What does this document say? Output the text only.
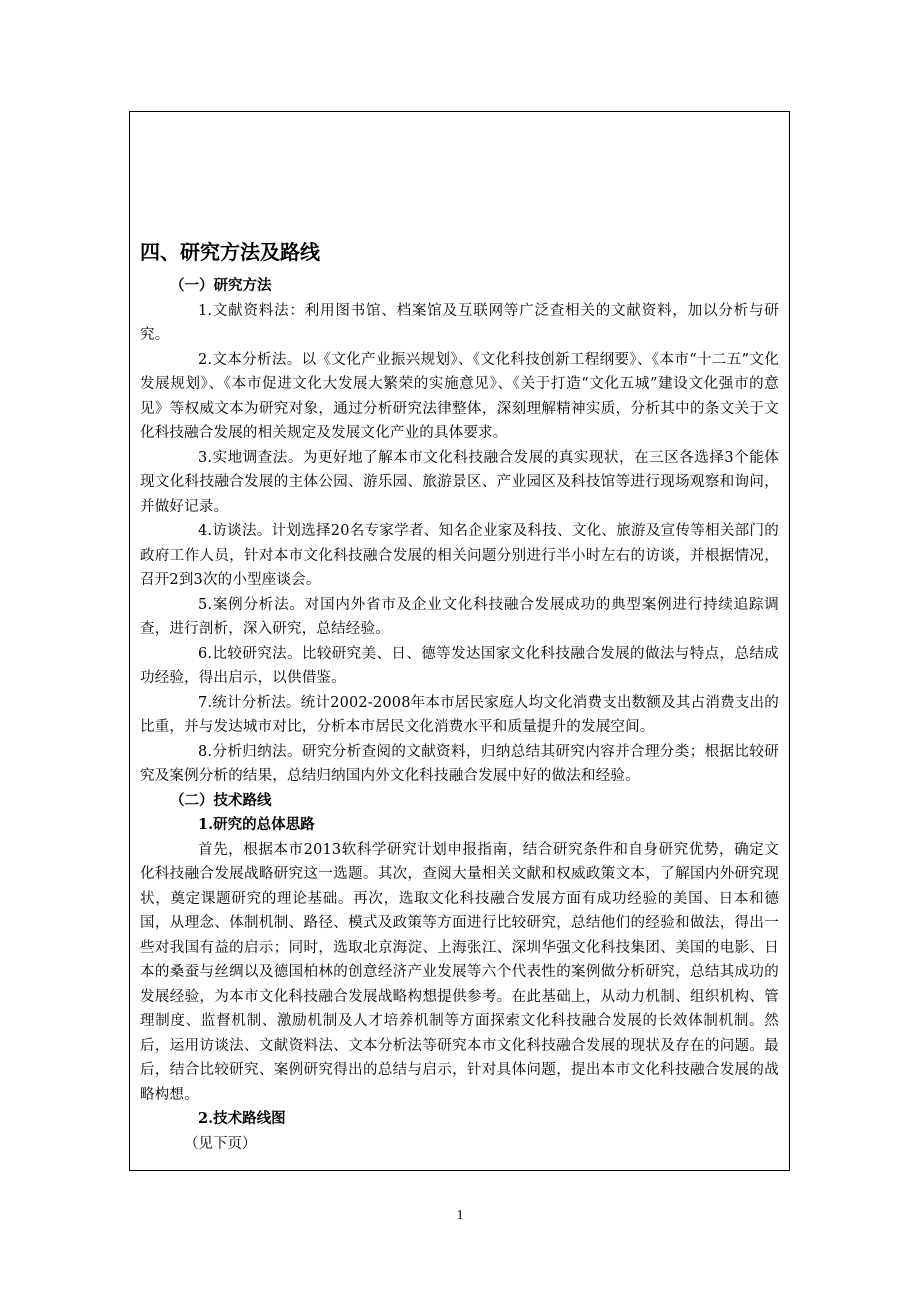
四、研究方法及路线
（一）研究方法

1.文献资料法：利用图书馆、档案馆及互联网等广泛查相关的文献资料，加以分析与研究。

2.文本分析法。以《文化产业振兴规划》、《文化科技创新工程纲要》、《本市“十二五”文化发展规划》、《本市促进文化大发展大繁荣的实施意见》、《关于打造“文化五城”建设文化强市的意见》等权威文本为研究对象，通过分析研究法律整体，深刻理解精神实质，分析其中的条文关于文化科技融合发展的相关规定及发展文化产业的具体要求。

3.实地调查法。为更好地了解本市文化科技融合发展的真实现状，在三区各选择3个能体现文化科技融合发展的主体公园、游乐园、旅游景区、产业园区及科技馆等进行现场观察和询问，并做好记录。

4.访谈法。计划选择20名专家学者、知名企业家及科技、文化、旅游及宣传等相关部门的政府工作人员，针对本市文化科技融合发展的相关问题分别进行半小时左右的访谈，并根据情况，召开2到3次的小型座谈会。

5.案例分析法。对国内外省市及企业文化科技融合发展成功的典型案例进行持续追踪调查，进行剖析，深入研究，总结经验。

6.比较研究法。比较研究美、日、德等发达国家文化科技融合发展的做法与特点，总结成功经验，得出启示，以供借鉴。

7.统计分析法。统计2002-2008年本市居民家庭人均文化消费支出数额及其占消费支出的比重，并与发达城市对比，分析本市居民文化消费水平和质量提升的发展空间。

8.分析归纳法。研究分析查阅的文献资料，归纳总结其研究内容并合理分类；根据比较研究及案例分析的结果，总结归纳国内外文化科技融合发展中好的做法和经验。

（二）技术路线
1.研究的总体思路

首先，根据本市2013软科学研究计划申报指南，结合研究条件和自身研究优势，确定文化科技融合发展战略研究这一选题。其次，查阅大量相关文献和权威政策文本，了解国内外研究现状，奠定课题研究的理论基础。再次，选取文化科技融合发展方面有成功经验的美国、日本和德国，从理念、体制机制、路径、模式及政策等方面进行比较研究，总结他们的经验和做法，得出一些对我国有益的启示；同时，选取北京海淀、上海张江、深圳华强文化科技集团、美国的电影、日本的桑蚕与丝绸以及德国柏林的创意经济产业发展等六个代表性的案例做分析研究，总结其成功的发展经验，为本市文化科技融合发展战略构想提供参考。在此基础上，从动力机制、组织机构、管理制度、监督机制、激励机制及人才培养机制等方面探索文化科技融合发展的长效体制机制。然后，运用访谈法、文献资料法、文本分析法等研究本市文化科技融合发展的现状及存在的问题。最后，结合比较研究、案例研究得出的总结与启示，针对具体问题，提出本市文化科技融合发展的战略构想。

2.技术路线图
（见下页）
1
